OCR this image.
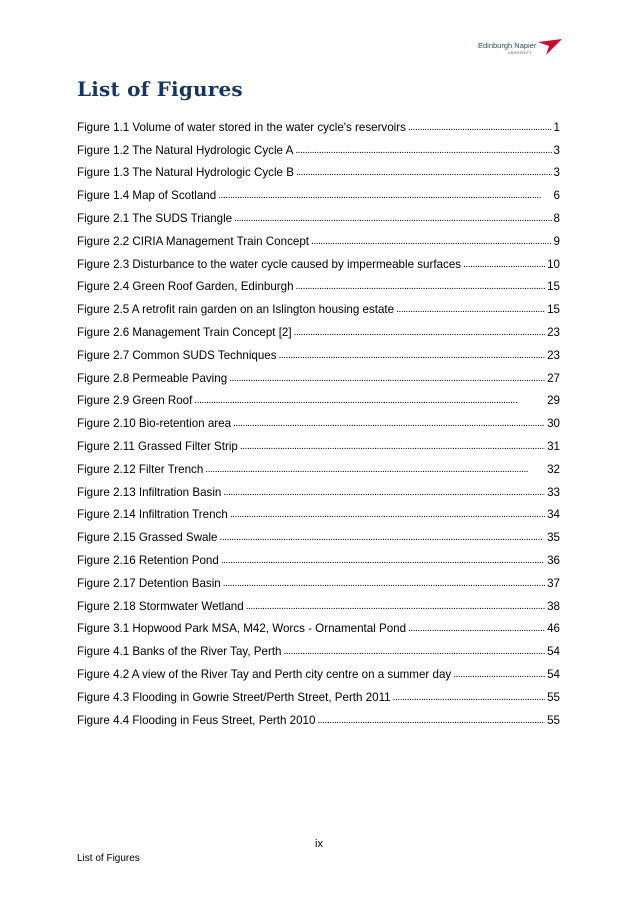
Edinburgh Napier
UNIVERSITY
List of Figures
Figure 1.1 Volume of water stored in the water cycle's reservoirs . . .	1
Figure 1.2 The Natural Hydrologic Cycle A . . .	3
Figure 1.3 The Natural Hydrologic Cycle B . . .	3
Figure 1.4 Map of Scotland . . .	6
Figure 2.1 The SUDS Triangle . . .	8
Figure 2.2 CIRIA Management Train Concept . . .	9
Figure 2.3 Disturbance to the water cycle caused by impermeable surfaces . . .	10
Figure 2.4 Green Roof Garden, Edinburgh . . .	15
Figure 2.5 A retrofit rain garden on an Islington housing estate . . .	15
Figure 2.6 Management Train Concept [2] . . .	23
Figure 2.7 Common SUDS Techniques . . .	23
Figure 2.8 Permeable Paving . . .	27
Figure 2.9 Green Roof . . .	29
Figure 2.10 Bio-retention area . . .	30
Figure 2.11 Grassed Filter Strip . . .	31
Figure 2.12 Filter Trench . . .	32
Figure 2.13 Infiltration Basin . . .	33
Figure 2.14 Infiltration Trench . . .	34
Figure 2.15 Grassed Swale . . .	35
Figure 2.16 Retention Pond . . .	36
Figure 2.17 Detention Basin . . .	37
Figure 2.18 Stormwater Wetland . . .	38
Figure 3.1 Hopwood Park MSA, M42, Worcs - Ornamental Pond . . .	46
Figure 4.1 Banks of the River Tay, Perth . . .	54
Figure 4.2 A view of the River Tay and Perth city centre on a summer day . . .	54
Figure 4.3 Flooding in Gowrie Street/Perth Street, Perth 2011 . . .	55
Figure 4.4 Flooding in Feus Street, Perth 2010 . . .	55
ix
List of Figures
